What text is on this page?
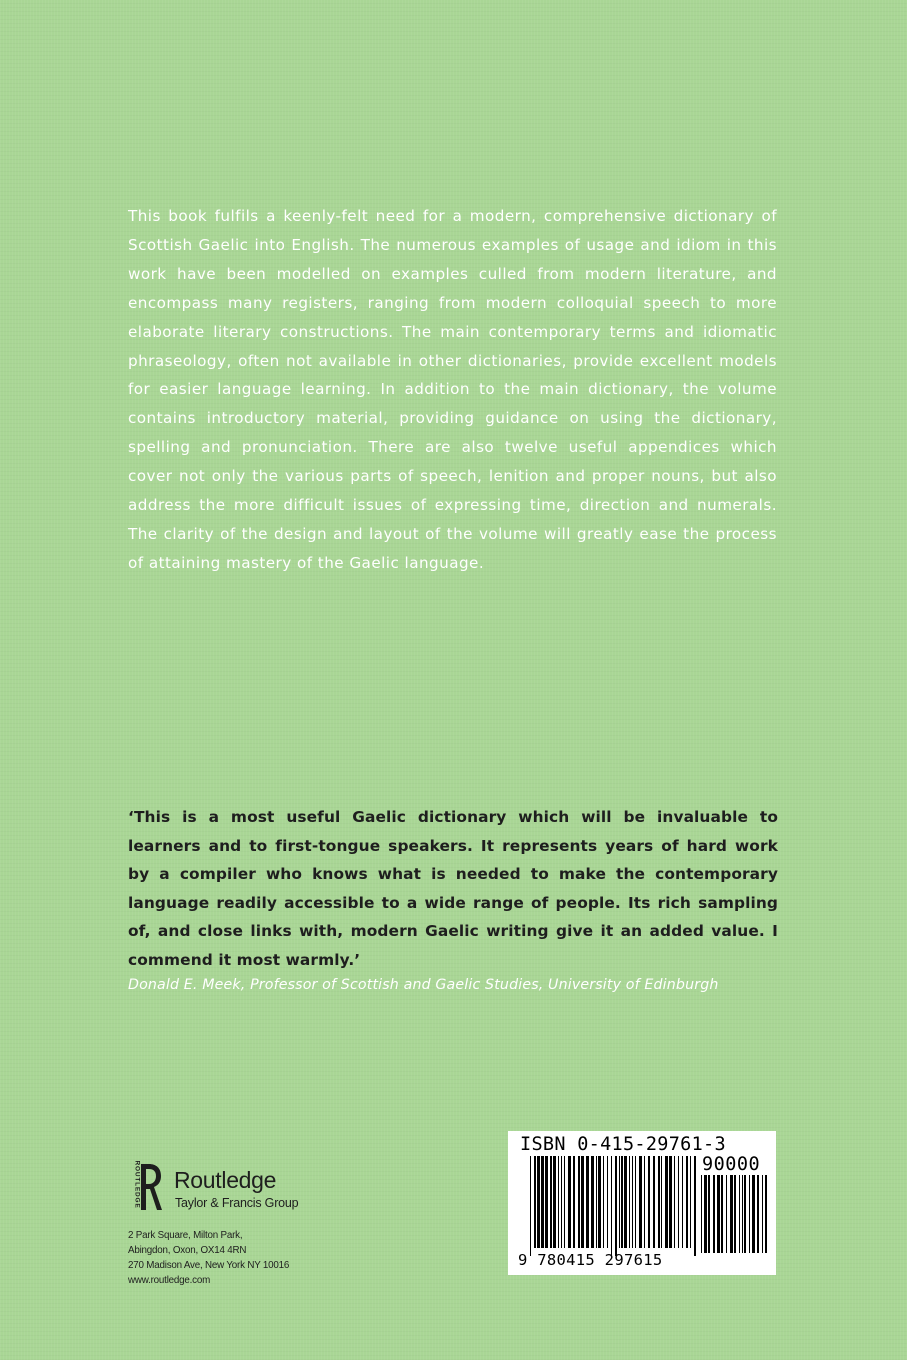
This book fulfils a keenly-felt need for a modern, comprehensive dictionary of Scottish Gaelic into English. The numerous examples of usage and idiom in this work have been modelled on examples culled from modern literature, and encompass many registers, ranging from modern colloquial speech to more elaborate literary constructions. The main contemporary terms and idiomatic phraseology, often not available in other dictionaries, provide excellent models for easier language learning. In addition to the main dictionary, the volume contains introductory material, providing guidance on using the dictionary, spelling and pronunciation. There are also twelve useful appendices which cover not only the various parts of speech, lenition and proper nouns, but also address the more difficult issues of expressing time, direction and numerals. The clarity of the design and layout of the volume will greatly ease the process of attaining mastery of the Gaelic language.

‘This is a most useful Gaelic dictionary which will be invaluable to learners and to first-tongue speakers. It represents years of hard work by a compiler who knows what is needed to make the contemporary language readily accessible to a wide range of people. Its rich sampling of, and close links with, modern Gaelic writing give it an added value. I commend it most warmly.’

Donald E. Meek, Professor of Scottish and Gaelic Studies, University of Edinburgh

ROUTLEDGE Routledge
Taylor & Francis Group
2 Park Square, Milton Park,
Abingdon, Oxon, OX14 4RN
270 Madison Ave, New York NY 10016
www.routledge.com
ISBN 0-415-29761-3
90000
9 780415 297615
